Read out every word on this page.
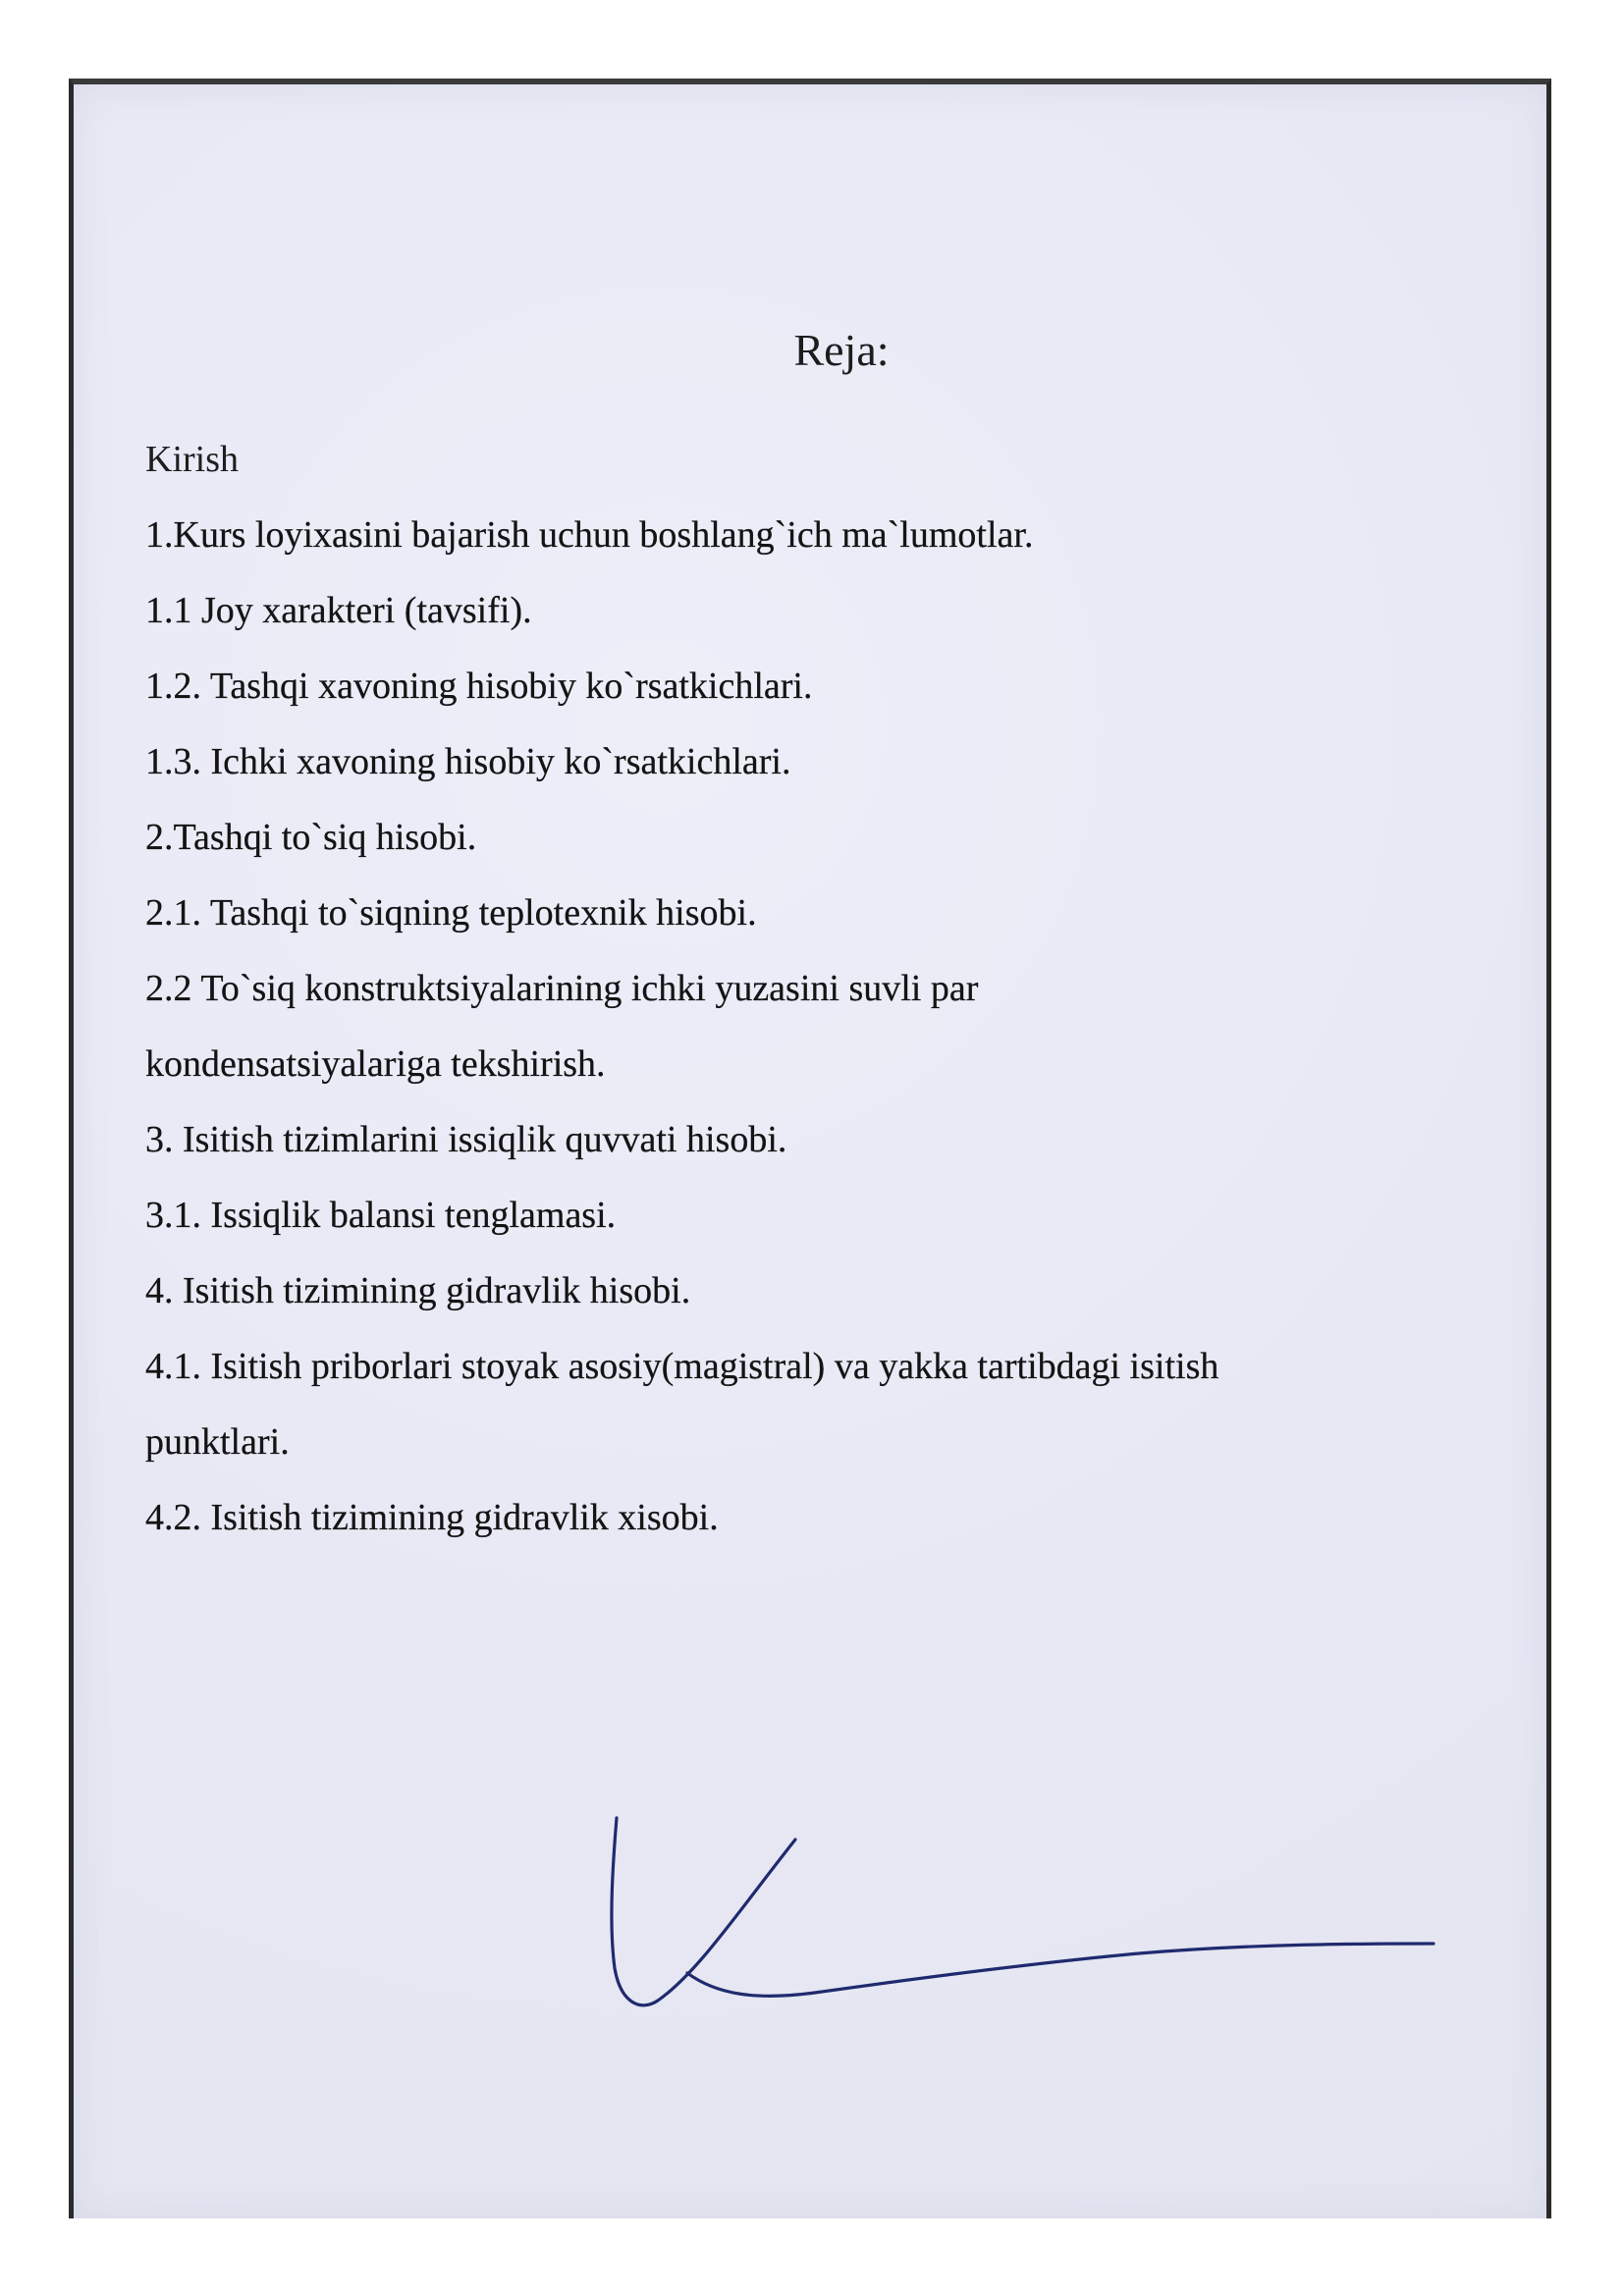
Reja:
Kirish
1.Kurs loyixasini bajarish uchun boshlang`ich ma`lumotlar.
1.1 Joy xarakteri (tavsifi).
1.2. Tashqi xavoning hisobiy ko`rsatkichlari.
1.3. Ichki xavoning hisobiy ko`rsatkichlari.
2.Tashqi to`siq hisobi.
2.1. Tashqi to`siqning teplotexnik hisobi.
2.2 To`siq konstruktsiyalarining ichki yuzasini suvli par
kondensatsiyalariga tekshirish.
3. Isitish tizimlarini issiqlik quvvati hisobi.
3.1. Issiqlik balansi tenglamasi.
4. Isitish tizimining gidravlik hisobi.
4.1. Isitish priborlari stoyak asosiy(magistral) va yakka tartibdagi isitish
punktlari.
4.2. Isitish tizimining gidravlik xisobi.
